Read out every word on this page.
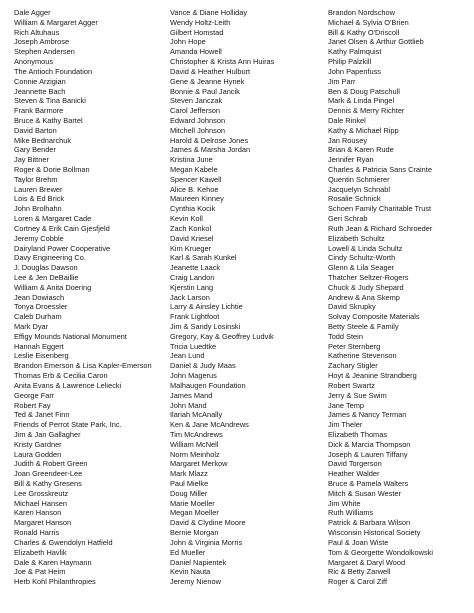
Dale Agger
William & Margaret Agger
Rich Altuhaus
Joseph Ambrose
Stephen Andersen
Anonymous
The Antioch Foundation
Connie Arzigian
Jeannette Bach
Steven & Tina Banicki
Frank Barmore
Bruce & Kathy Bartel
David Barton
Mike Bednarchuk
Gary Bender
Jay Bittner
Roger & Dorie Bollman
Taylor Brehm
Lauren Brewer
Lois & Ed Brick
John Brolhahn
Loren & Margaret Cade
Cortney & Erik Cain Gjesfjeld
Jeremy Cobble
Dairyland Power Cooperative
Davy Engineering Co.
J. Douglas Dawson
Lee & Jen DeBaillie
William & Anita Doering
Jean Dowiasch
Tonya Droessler
Caleb Durham
Mark Dyar
Effigy Mounds National Monument
Hannah Eggert
Leslie Eisenberg
Brandon Emerson & Lisa Kapler-Emerson
Thomas Erb & Cecilia Caron
Anita Evans & Lawrence Leliecki
George Farr
Robert Fay
Ted & Janet Finn
Friends of Perrot State Park, Inc.
Jim & Jan Gallagher
Kristy Gardner
Laura Godden
Judith & Robert Green
Joan Greendeer-Lee
Bill & Kathy Gresens
Lee Grosskreutz
Michael Hansen
Karen Hanson
Margaret Hanson
Ronald Harris
Charles & Gwendolyn Hatfield
Elizabeth Havlik
Dale & Karen Haymann
Joe & Pat Heim
Herb Kohl Philanthropies
Vance & Diane Holliday
Wendy Holtz-Leith
Gilbert Homstad
John Hope
Amanda Howell
Christopher & Krista Ann Huiras
David & Heather Hulburt
Gene & Jeanne Hynek
Bonnie & Paul Jancik
Steven Janczak
Carol Jefferson
Edward Johnson
Mitchell Johnson
Harold & Delrose Jones
James & Marsha Jordan
Kristina June
Megan Kabele
Spencer Kawell
Alice B. Kehoe
Maureen Kinney
Cynthia Kocik
Kevin Koll
Zach Konkol
David Kriesel
Kim Krueger
Karl & Sarah Kunkel
Jeanette Laack
Craig Landon
Kjerstin Lang
Jack Larson
Larry & Ainsley Lichtie
Frank Lightfoot
Jim & Sandy Losinski
Gregory, Kay & Geoffrey Ludvik
Tricia Luedtke
Jean Lund
Daniel & Judy Maas
John Magerus
Malhaugen Foundation
James Mand
John Mand
Ilariah McAnally
Ken & Jane McAndrews
Tim McAndrews
William McNell
Norm Meinholz
Margaret Merkow
Mark Mlazz
Paul Mielke
Doug Miller
Marie Moeller
Megan Moeller
David & Clydine Moore
Bernie Morgan
John & Virginia Morris
Ed Mueller
Daniel Napientek
Kevin Nauta
Jeremy Nienow
Brandon Nordschow
Michael & Sylvia O'Brien
Bill & Kathy O'Driscoll
Janet Olsen & Arthur Gottlieb
Kathy Palmquist
Philip Palzkill
John Papenfuss
Jim Parr
Ben & Doug Patschull
Mark & Linda Pingel
Dennis & Merry Richter
Dale Rinkel
Kathy & Michael Ripp
Jan Rousey
Brian & Karen Rude
Jennifer Ryan
Charles & Patricia Sans Crainte
Quentin Schmierer
Jacquelyn Schnabl
Rosalie Schnick
Schoen Family Charitable Trust
Geri Schrab
Ruth Jean & Richard Schroeder
Elizabeth Schultz
Lowell & Linda Schultz
Cindy Schultz-Worth
Glenn & Lila Seager
Thatcher Seltzer-Rogers
Chuck & Judy Shepard
Andrew & Ana Skemp
David Skrupky
Solvay Composite Materials
Betty Steele & Family
Todd Stein
Peter Sternberg
Katherine Stevenson
Zachary Stigler
Hoyt & Jeanine Strandberg
Robert Swartz
Jerry & Sue Swim
Jane Temp
James & Nancy Terman
Jim Theler
Elizabeth Thomas
Dick & Marcia Thompson
Joseph & Lauren Tiffany
David Torgerson
Heather Walder
Bruce & Pamela Walters
Mitch & Susan Wester
Jim White
Ruth Williams
Patrick & Barbara Wilson
Wisconsin Historical Society
Paul & Joan Wiste
Tom & Georgette Wondolkowski
Margaret & Daryl Wood
Ric & Betty Zarwell
Roger & Carol Ziff
